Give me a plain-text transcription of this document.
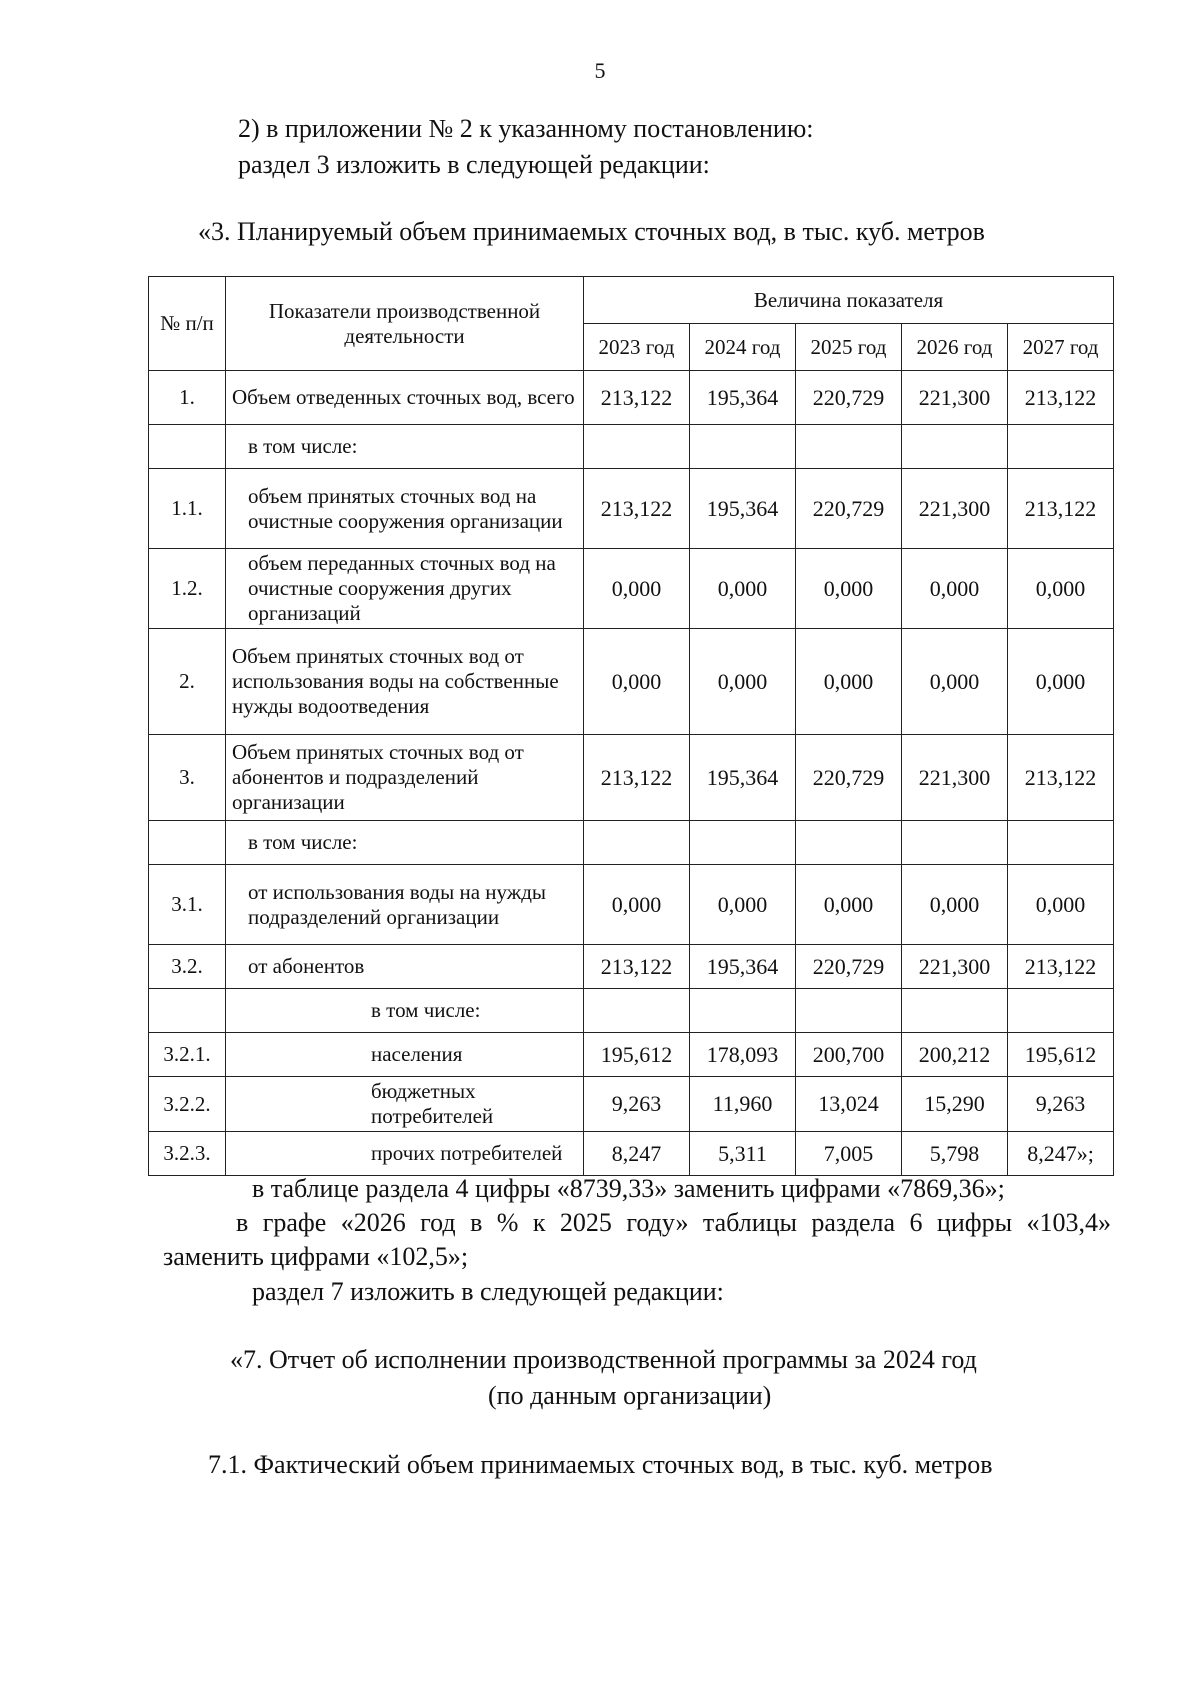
5
2) в приложении № 2 к указанному постановлению:
раздел 3 изложить в следующей редакции:
«3. Планируемый объем принимаемых сточных вод, в тыс. куб. метров
№ п/п	Показатели производственной деятельности	Величина показателя				
		2023 год	2024 год	2025 год	2026 год	2027 год
1.	Объем отведенных сточных вод, всего	213,122	195,364	220,729	221,300	213,122
	в том числе:					
1.1.	объем принятых сточных вод на очистные сооружения организации	213,122	195,364	220,729	221,300	213,122
1.2.	объем переданных сточных вод на очистные сооружения других организаций	0,000	0,000	0,000	0,000	0,000
2.	Объем принятых сточных вод от использования воды на собственные нужды водоотведения	0,000	0,000	0,000	0,000	0,000
3.	Объем принятых сточных вод от абонентов и подразделений организации	213,122	195,364	220,729	221,300	213,122
	в том числе:					
3.1.	от использования воды на нужды подразделений организации	0,000	0,000	0,000	0,000	0,000
3.2.	от абонентов	213,122	195,364	220,729	221,300	213,122
	в том числе:					
3.2.1.	населения	195,612	178,093	200,700	200,212	195,612
3.2.2.	бюджетных потребителей	9,263	11,960	13,024	15,290	9,263
3.2.3.	прочих потребителей	8,247	5,311	7,005	5,798	8,247»;
в таблице раздела 4 цифры «8739,33» заменить цифрами «7869,36»;
в графе «2026 год в % к 2025 году» таблицы раздела 6 цифры «103,4»
заменить цифрами «102,5»;
раздел 7 изложить в следующей редакции:
«7. Отчет об исполнении производственной программы за 2024 год
(по данным организации)
7.1. Фактический объем принимаемых сточных вод, в тыс. куб. метров
